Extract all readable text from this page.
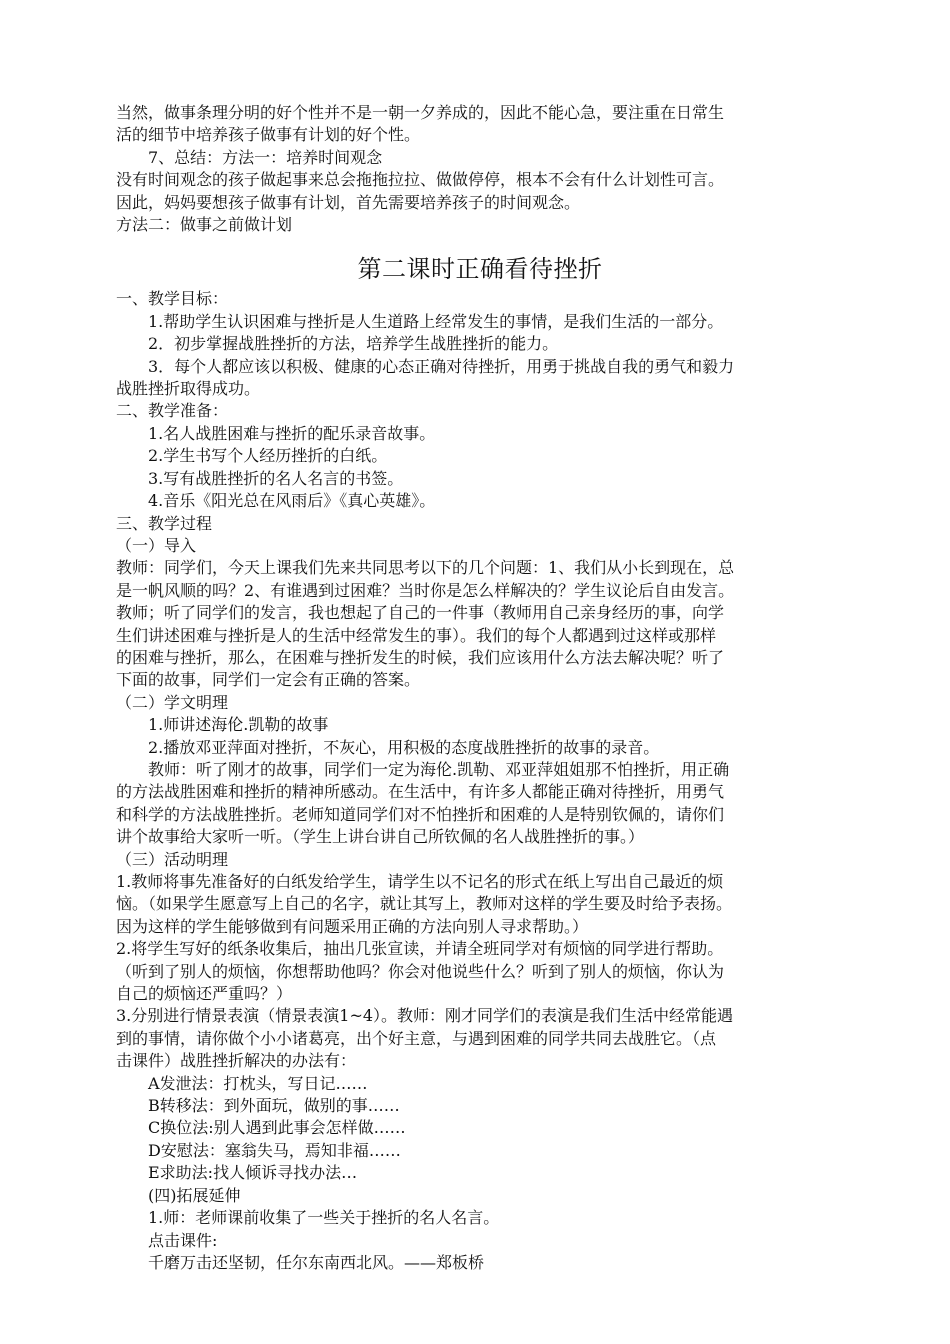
当然，做事条理分明的好个性并不是一朝一夕养成的，因此不能心急，要注重在日常生
活的细节中培养孩子做事有计划的好个性。
7、总结：方法一：培养时间观念
没有时间观念的孩子做起事来总会拖拖拉拉、做做停停，根本不会有什么计划性可言。
因此，妈妈要想孩子做事有计划，首先需要培养孩子的时间观念。
方法二：做事之前做计划
第二课时正确看待挫折
一、教学目标：
1.帮助学生认识困难与挫折是人生道路上经常发生的事情，是我们生活的一部分。
2．初步掌握战胜挫折的方法，培养学生战胜挫折的能力。
3．每个人都应该以积极、健康的心态正确对待挫折，用勇于挑战自我的勇气和毅力
战胜挫折取得成功。
二、教学准备：
1.名人战胜困难与挫折的配乐录音故事。
2.学生书写个人经历挫折的白纸。
3.写有战胜挫折的名人名言的书签。
4.音乐《阳光总在风雨后》《真心英雄》。
三、教学过程
（一）导入
教师：同学们，今天上课我们先来共同思考以下的几个问题：1、我们从小长到现在，总
是一帆风顺的吗？2、有谁遇到过困难？当时你是怎么样解决的？学生议论后自由发言。
教师；听了同学们的发言，我也想起了自己的一件事（教师用自己亲身经历的事，向学
生们讲述困难与挫折是人的生活中经常发生的事）。我们的每个人都遇到过这样或那样
的困难与挫折，那么，在困难与挫折发生的时候，我们应该用什么方法去解决呢？听了
下面的故事，同学们一定会有正确的答案。
（二）学文明理
1.师讲述海伦.凯勒的故事
2.播放邓亚萍面对挫折，不灰心，用积极的态度战胜挫折的故事的录音。
教师：听了刚才的故事，同学们一定为海伦.凯勒、邓亚萍姐姐那不怕挫折，用正确
的方法战胜困难和挫折的精神所感动。在生活中，有许多人都能正确对待挫折，用勇气
和科学的方法战胜挫折。老师知道同学们对不怕挫折和困难的人是特别钦佩的，请你们
讲个故事给大家听一听。（学生上讲台讲自己所钦佩的名人战胜挫折的事。）
（三）活动明理
1.教师将事先准备好的白纸发给学生，请学生以不记名的形式在纸上写出自己最近的烦
恼。（如果学生愿意写上自己的名字，就让其写上，教师对这样的学生要及时给予表扬。
因为这样的学生能够做到有问题采用正确的方法向别人寻求帮助。）
2.将学生写好的纸条收集后，抽出几张宣读，并请全班同学对有烦恼的同学进行帮助。
（听到了别人的烦恼，你想帮助他吗？你会对他说些什么？听到了别人的烦恼，你认为
自己的烦恼还严重吗？）
3.分别进行情景表演（情景表演1~4）。教师：刚才同学们的表演是我们生活中经常能遇
到的事情，请你做个小小诸葛亮，出个好主意，与遇到困难的同学共同去战胜它。（点
击课件）战胜挫折解决的办法有：
A发泄法：打枕头，写日记……
B转移法：到外面玩，做别的事……
C换位法:别人遇到此事会怎样做……
D安慰法：塞翁失马，焉知非福……
E求助法:找人倾诉寻找办法…
(四)拓展延伸
1.师：老师课前收集了一些关于挫折的名人名言。
点击课件:
千磨万击还坚韧，任尔东南西北风。——郑板桥
